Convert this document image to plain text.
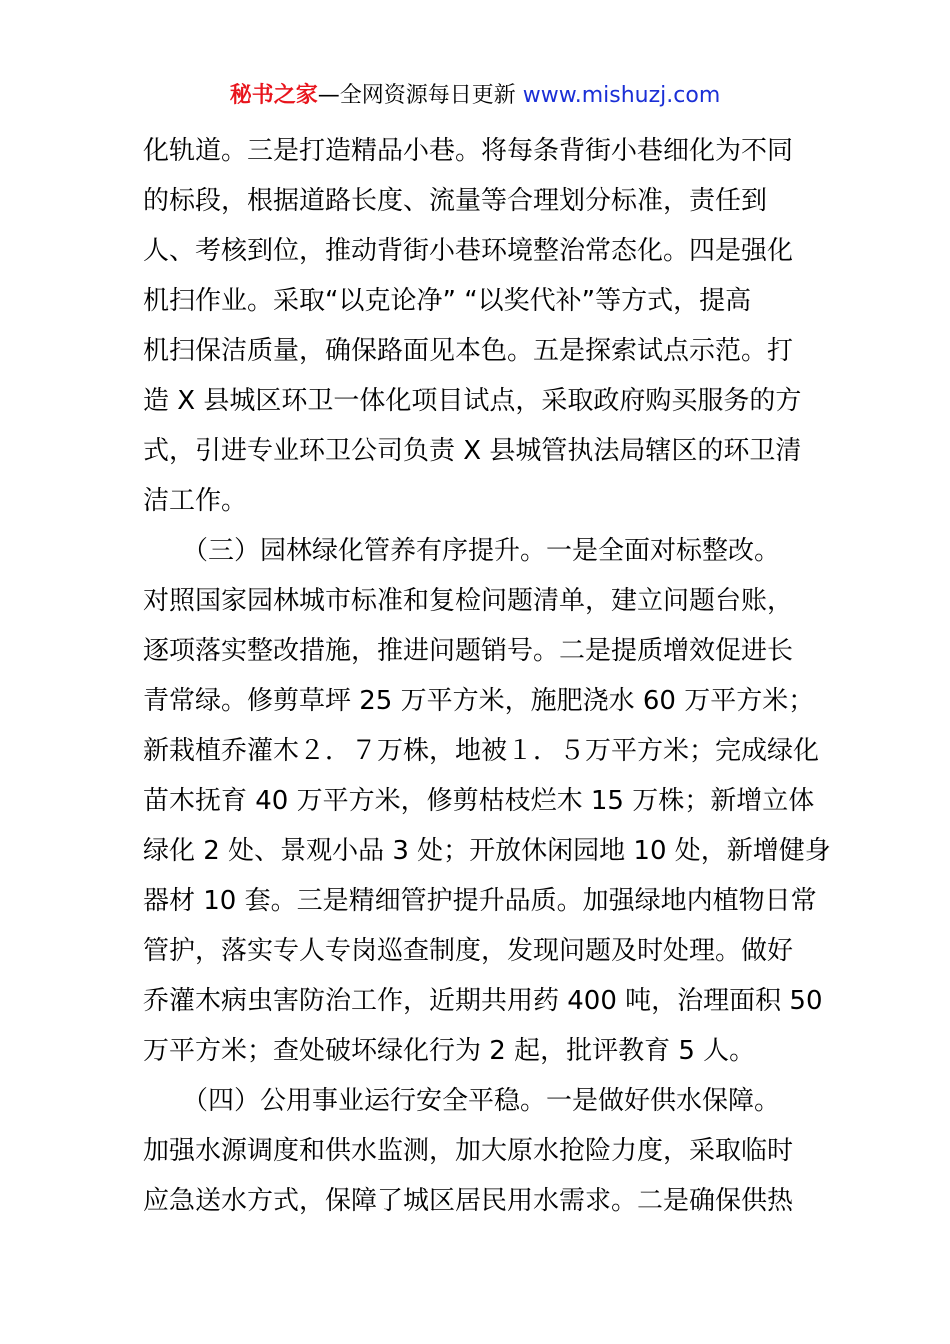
秘书之家—全网资源每日更新 www.mishuzj.com
化轨道。三是打造精品小巷。将每条背街小巷细化为不同
的标段，根据道路长度、流量等合理划分标准，责任到
人、考核到位，推动背街小巷环境整治常态化。四是强化
机扫作业。采取“以克论净” “以奖代补”等方式，提高
机扫保洁质量，确保路面见本色。五是探索试点示范。打
造 X 县城区环卫一体化项目试点，采取政府购买服务的方
式，引进专业环卫公司负责 X 县城管执法局辖区的环卫清
洁工作。
　　（三）园林绿化管养有序提升。一是全面对标整改。
对照国家园林城市标准和复检问题清单，建立问题台账，
逐项落实整改措施，推进问题销号。二是提质增效促进长
青常绿。修剪草坪 25 万平方米，施肥浇水 60 万平方米；
新栽植乔灌木２．７万株，地被１．５万平方米；完成绿化
苗木抚育 40 万平方米，修剪枯枝烂木 15 万株；新增立体
绿化 2 处、景观小品 3 处；开放休闲园地 10 处，新增健身
器材 10 套。三是精细管护提升品质。加强绿地内植物日常
管护，落实专人专岗巡查制度，发现问题及时处理。做好
乔灌木病虫害防治工作，近期共用药 400 吨，治理面积 50
万平方米；查处破坏绿化行为 2 起，批评教育 5 人。
　　（四）公用事业运行安全平稳。一是做好供水保障。
加强水源调度和供水监测，加大原水抢险力度，采取临时
应急送水方式，保障了城区居民用水需求。二是确保供热
